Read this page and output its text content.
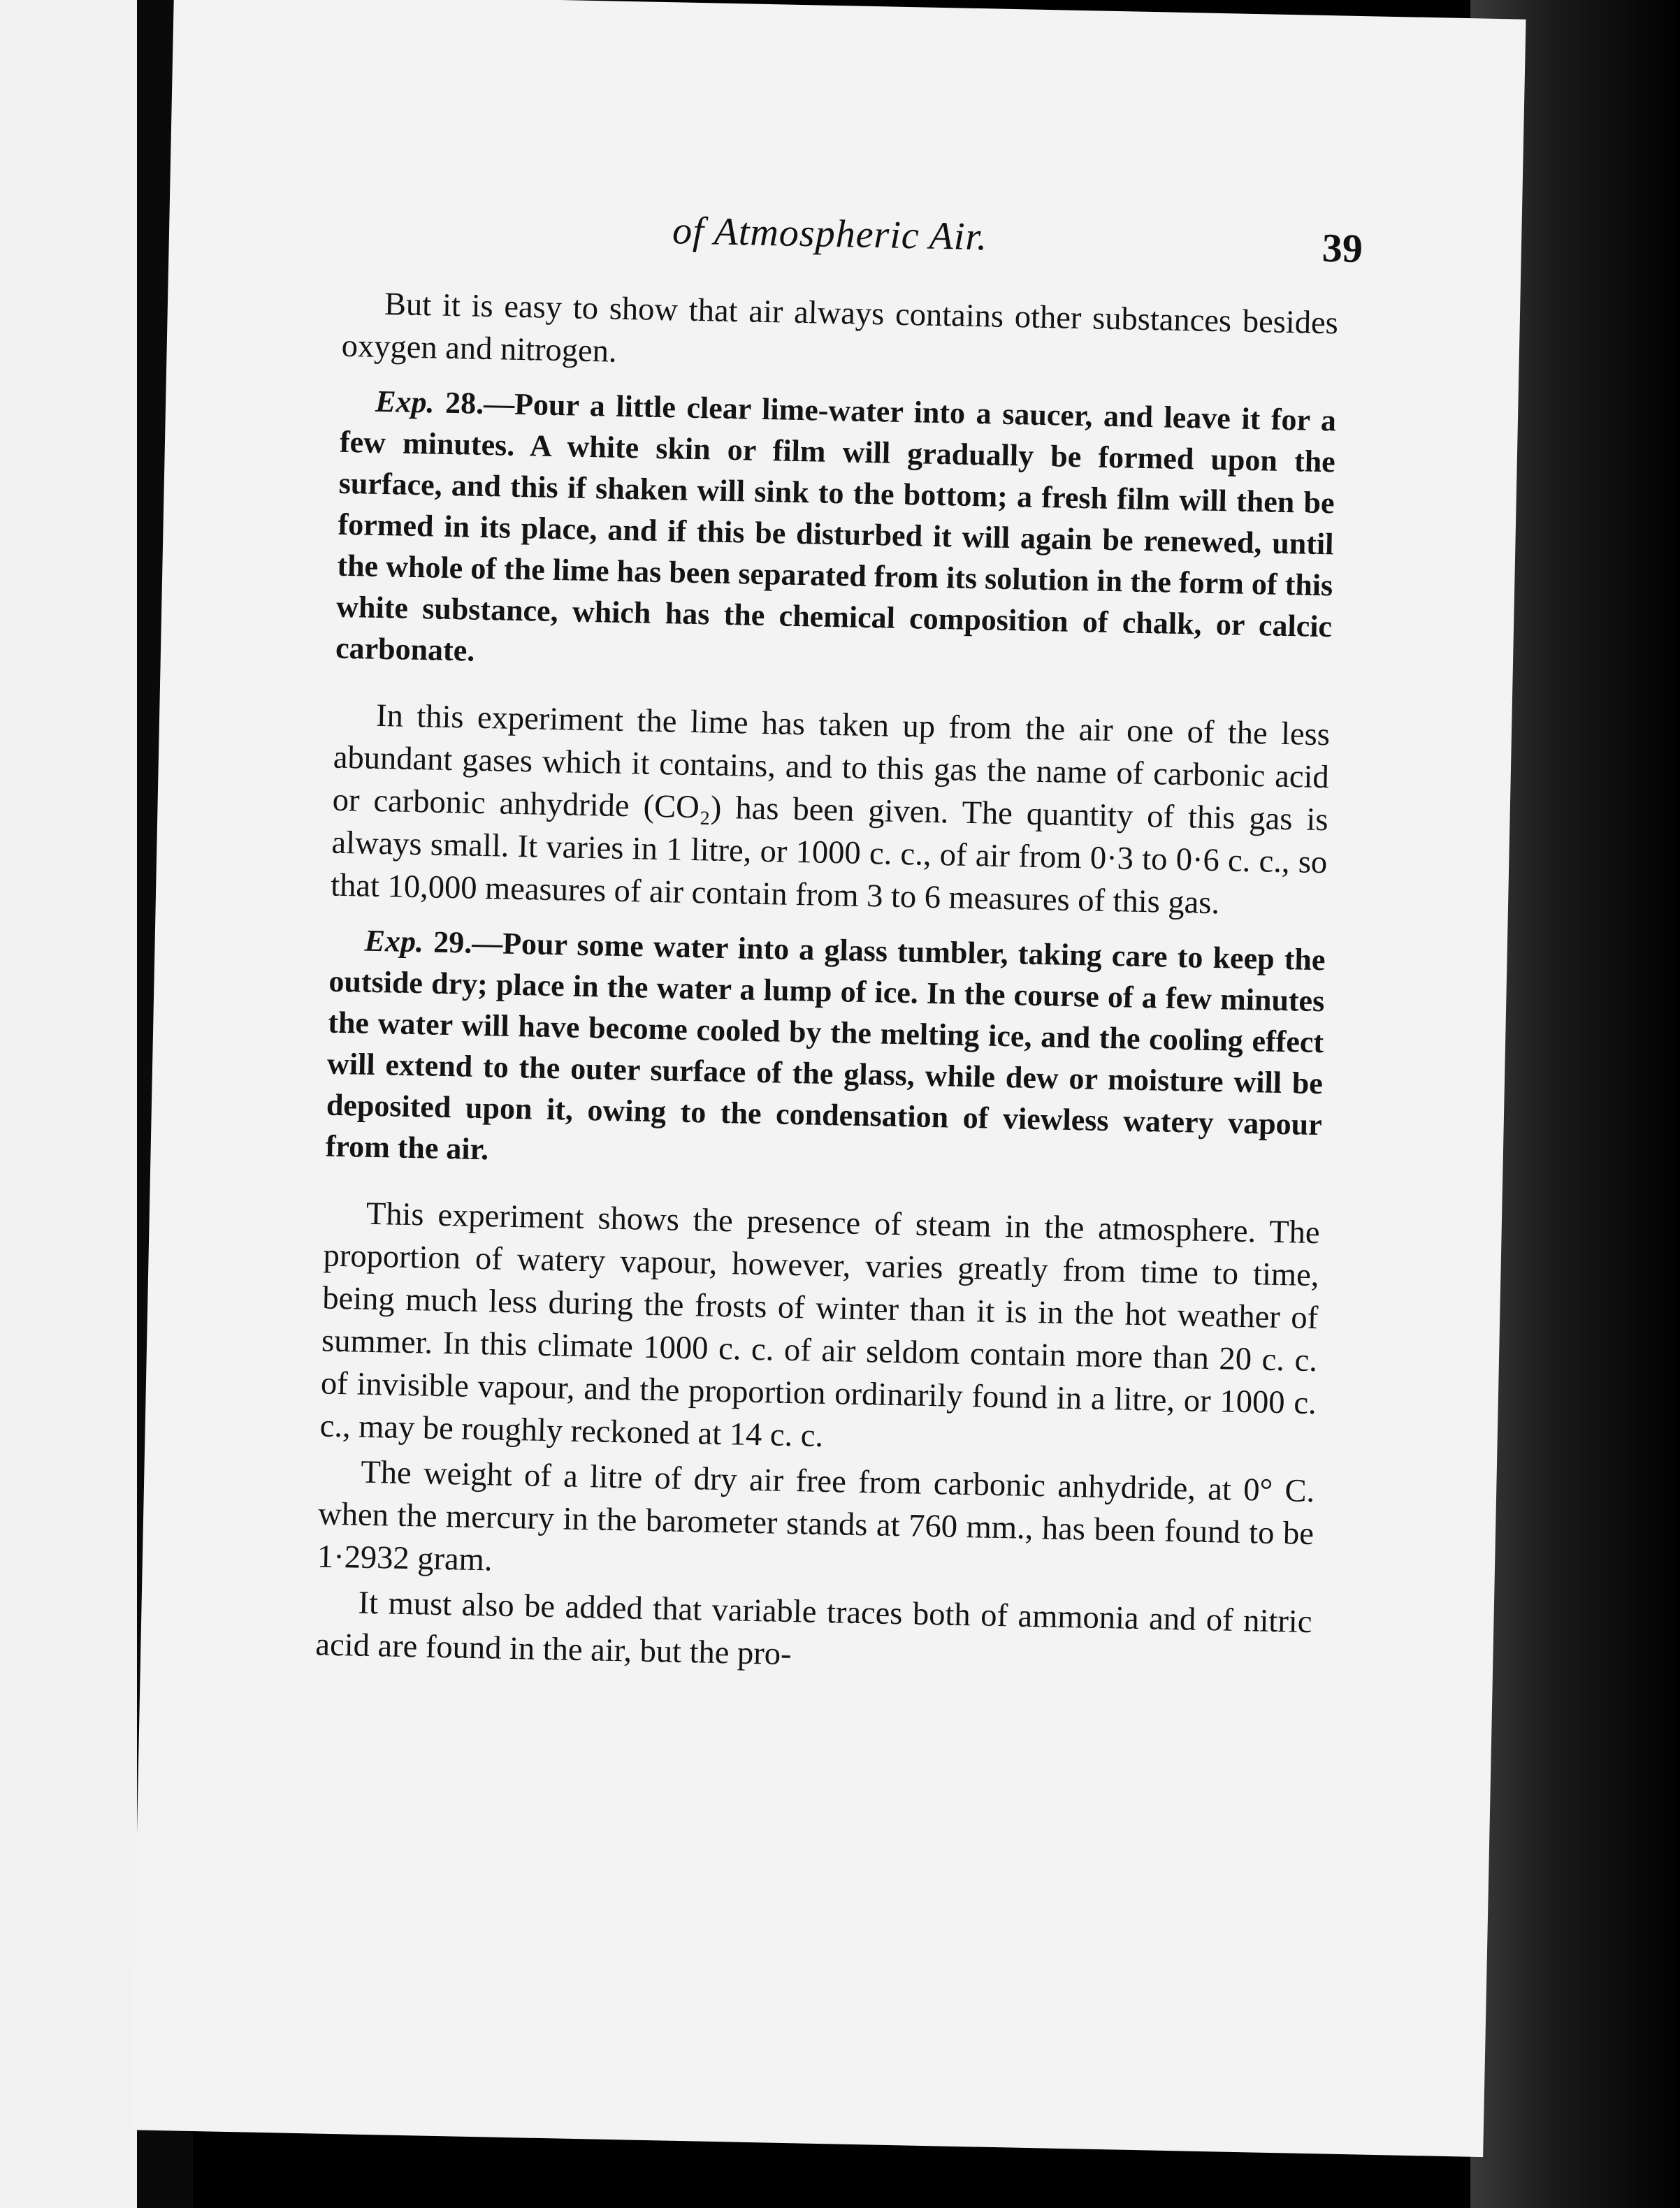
of Atmospheric Air.	39

But it is easy to show that air always contains other substances besides oxygen and nitrogen.

Exp. 28.—Pour a little clear lime-water into a saucer, and leave it for a few minutes. A white skin or film will gradually be formed upon the surface, and this if shaken will sink to the bottom; a fresh film will then be formed in its place, and if this be disturbed it will again be renewed, until the whole of the lime has been separated from its solution in the form of this white substance, which has the chemical composition of chalk, or calcic carbonate.

In this experiment the lime has taken up from the air one of the less abundant gases which it contains, and to this gas the name of carbonic acid or carbonic anhydride (CO₂) has been given. The quantity of this gas is always small. It varies in 1 litre, or 1000 c. c., of air from 0·3 to 0·6 c. c., so that 10,000 measures of air contain from 3 to 6 measures of this gas.

Exp. 29.—Pour some water into a glass tumbler, taking care to keep the outside dry; place in the water a lump of ice. In the course of a few minutes the water will have become cooled by the melting ice, and the cooling effect will extend to the outer surface of the glass, while dew or moisture will be deposited upon it, owing to the condensation of viewless watery vapour from the air.

This experiment shows the presence of steam in the atmosphere. The proportion of watery vapour, however, varies greatly from time to time, being much less during the frosts of winter than it is in the hot weather of summer. In this climate 1000 c. c. of air seldom contain more than 20 c. c. of invisible vapour, and the proportion ordinarily found in a litre, or 1000 c. c., may be roughly reckoned at 14 c. c.

The weight of a litre of dry air free from carbonic anhydride, at 0° C. when the mercury in the barometer stands at 760 mm., has been found to be 1·2932 gram.

It must also be added that variable traces both of ammonia and of nitric acid are found in the air, but the pro-
